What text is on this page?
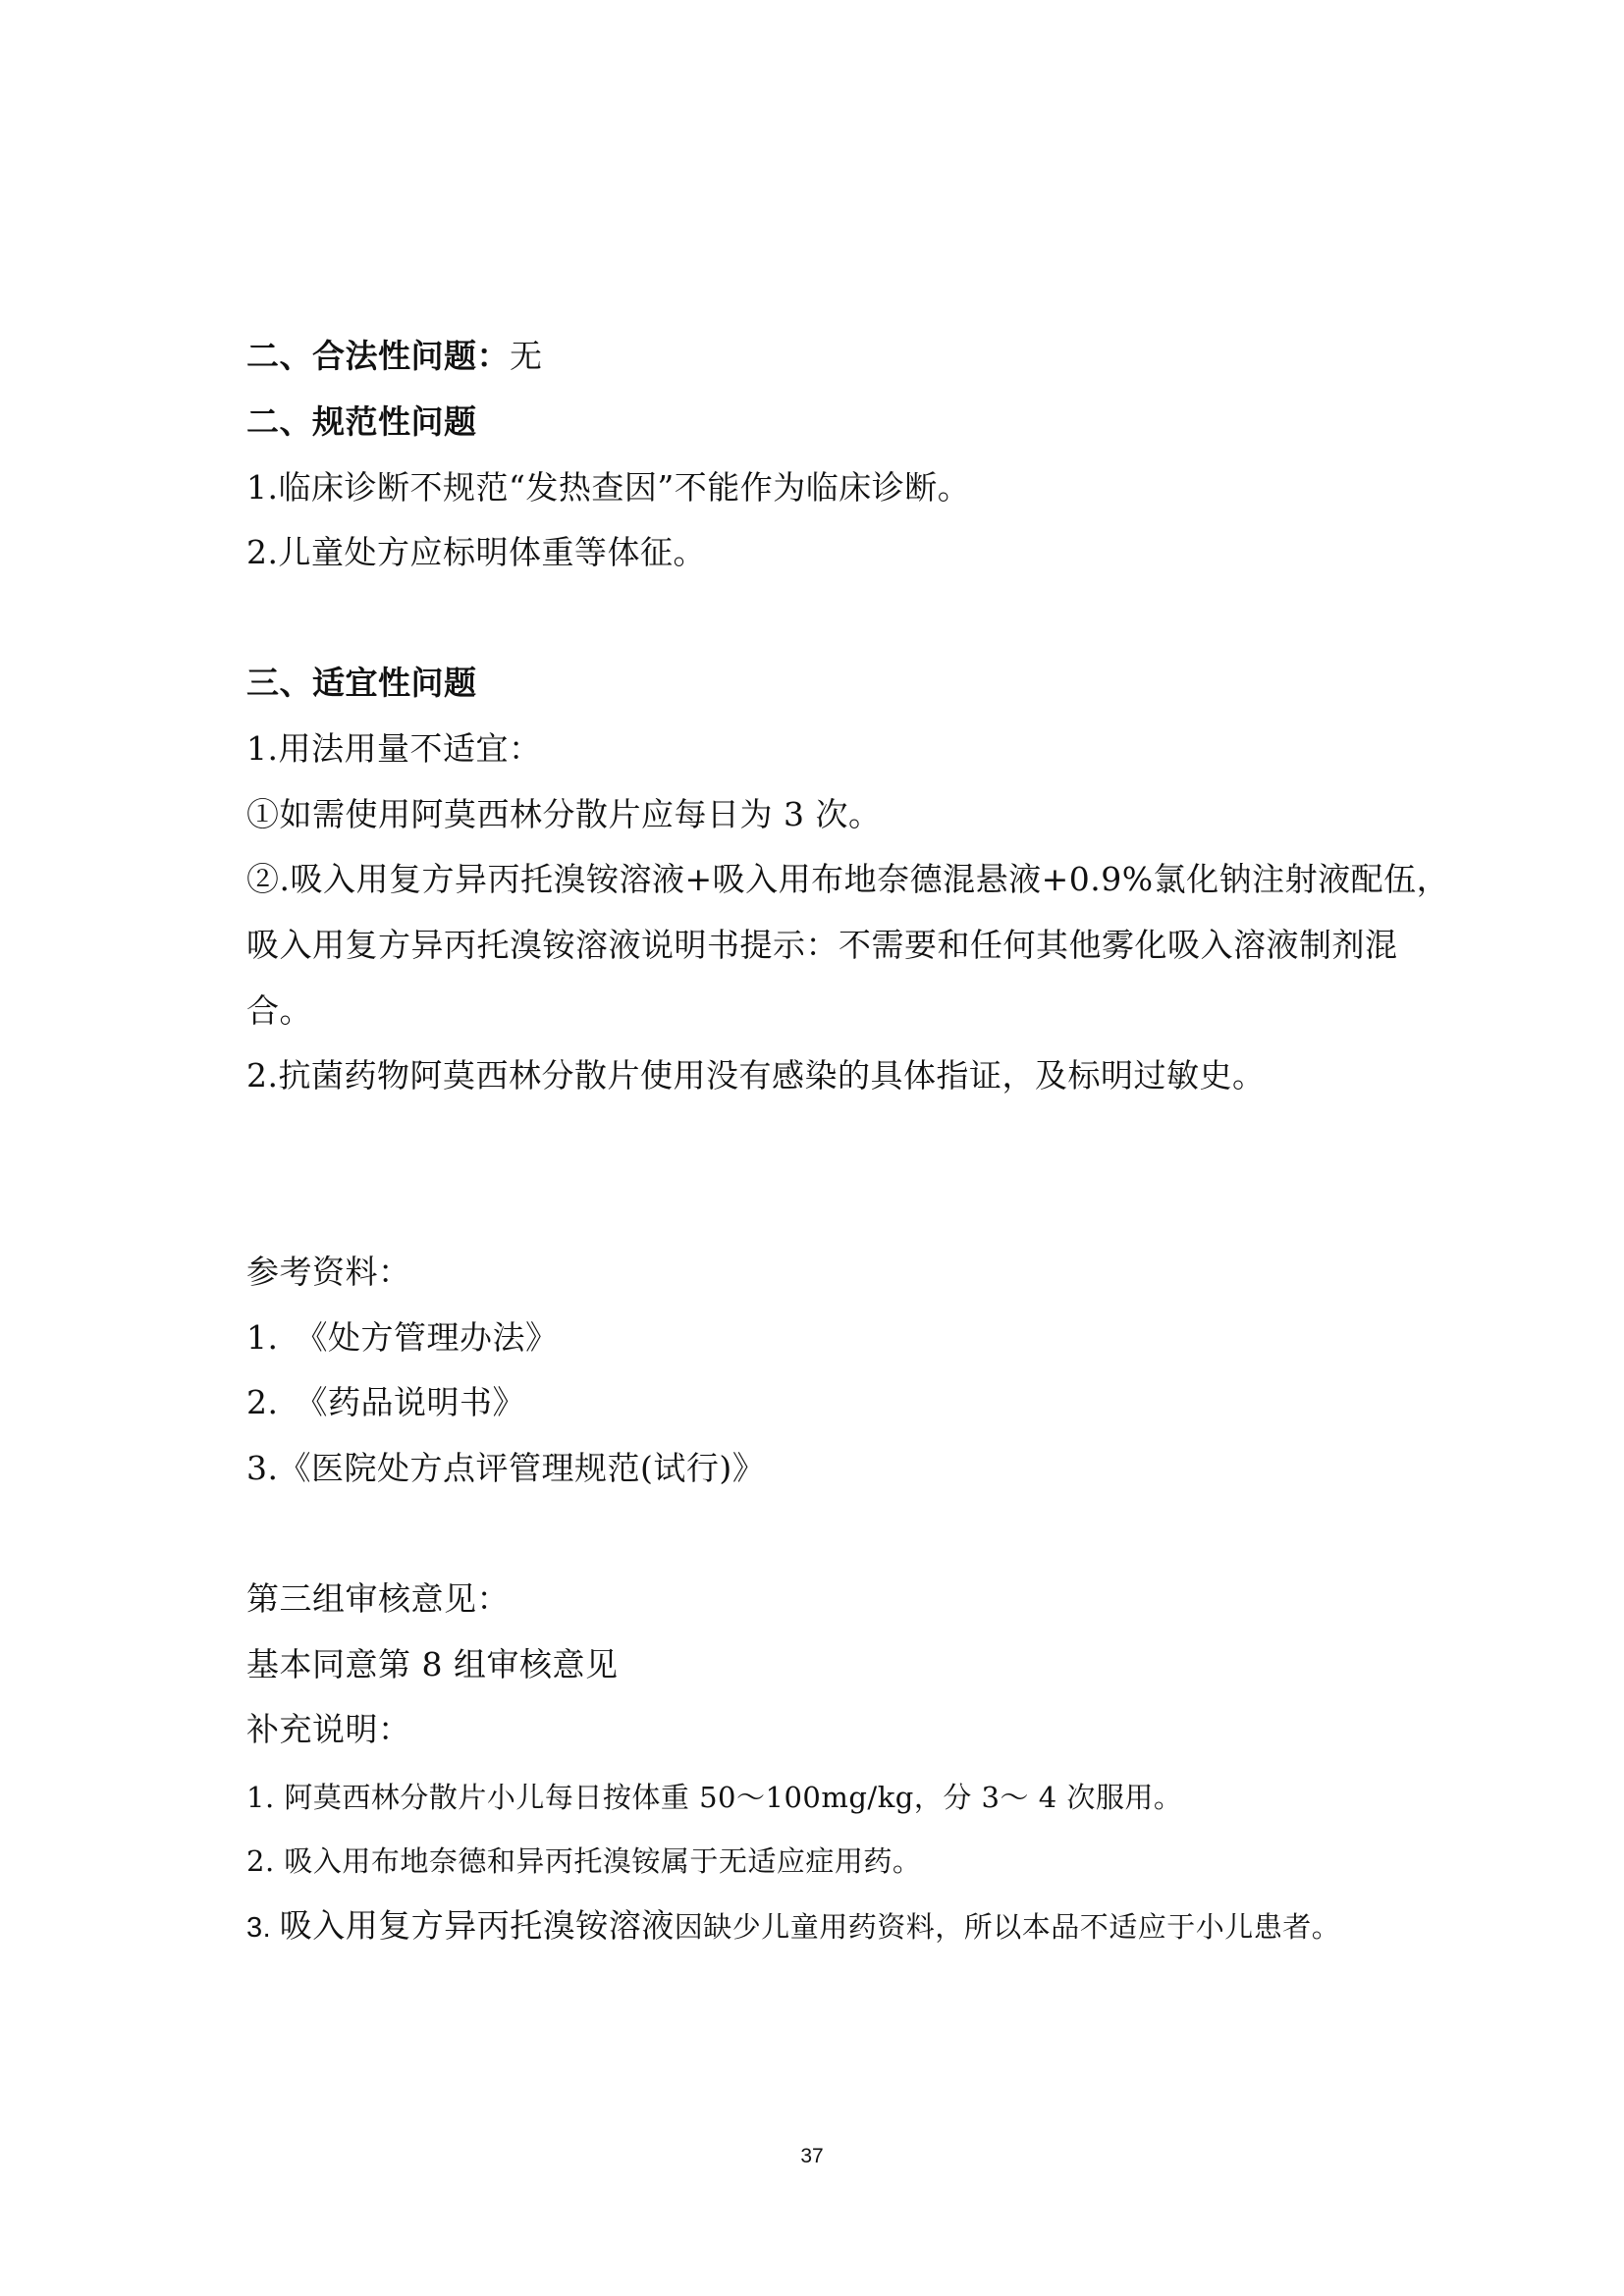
二、合法性问题：无
二、规范性问题
1.临床诊断不规范“发热查因”不能作为临床诊断。
2.儿童处方应标明体重等体征。
三、适宜性问题
1.用法用量不适宜：
①如需使用阿莫西林分散片应每日为 3 次。
②.吸入用复方异丙托溴铵溶液+吸入用布地奈德混悬液+0.9%氯化钠注射液配伍，
吸入用复方异丙托溴铵溶液说明书提示：不需要和任何其他雾化吸入溶液制剂混
合。
2.抗菌药物阿莫西林分散片使用没有感染的具体指证，及标明过敏史。
参考资料：
1.　《处方管理办法》
2.　《药品说明书》
3.《医院处方点评管理规范(试行)》
第三组审核意见：
基本同意第 8 组审核意见
补充说明：
1. 阿莫西林分散片小儿每日按体重 50～100mg/kg，分 3～ 4 次服用。
2. 吸入用布地奈德和异丙托溴铵属于无适应症用药。
3. 吸入用复方异丙托溴铵溶液因缺少儿童用药资料，所以本品不适应于小儿患者。
37
